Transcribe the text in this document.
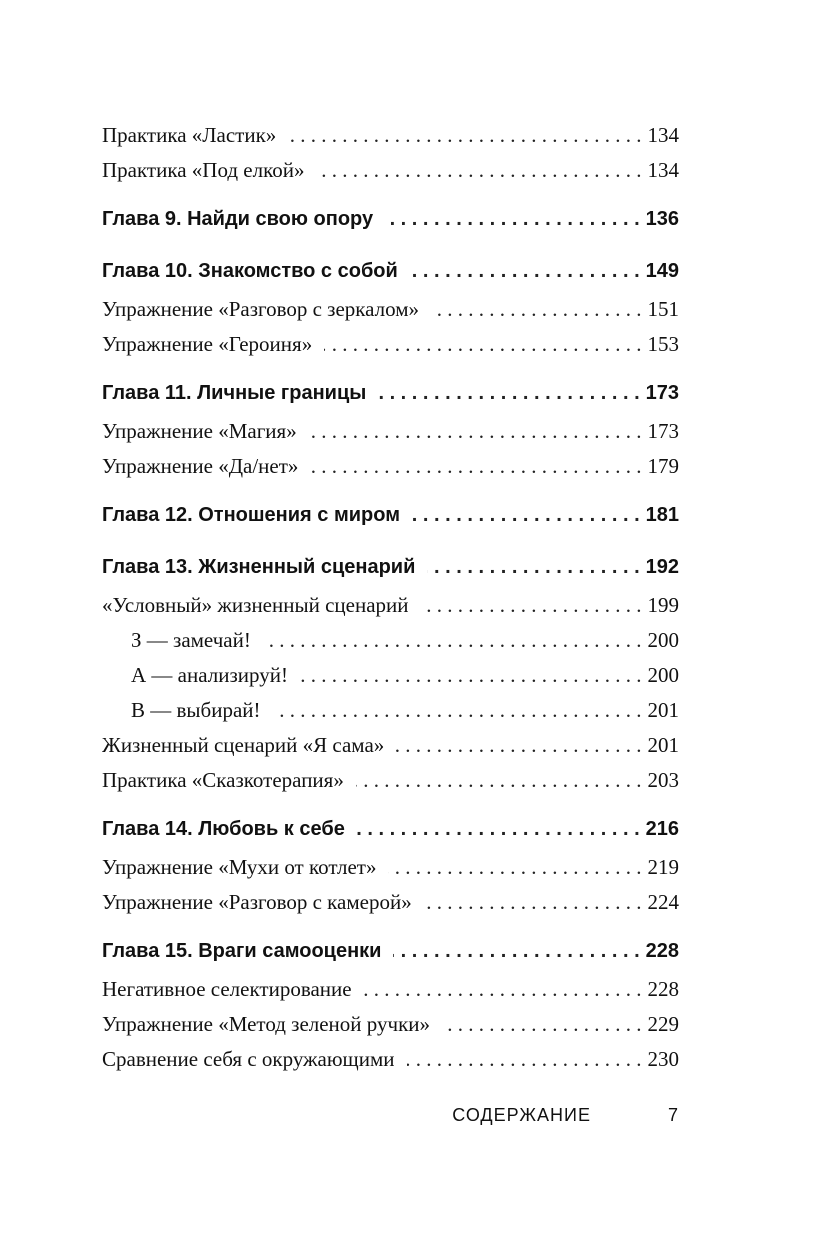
Практика «Ластик» . . .	134
Практика «Под елкой» . . .	134
Глава 9. Найди свою опору . . .	136
Глава 10. Знакомство с собой . . .	149
Упражнение «Разговор с зеркалом» . . .	151
Упражнение «Героиня» . . .	153
Глава 11. Личные границы . . .	173
Упражнение «Магия» . . .	173
Упражнение «Да/нет» . . .	179
Глава 12. Отношения с миром . . .	181
Глава 13. Жизненный сценарий . . .	192
«Условный» жизненный сценарий . . .	199
З — замечай! . . .	200
А — анализируй! . . .	200
В — выбирай! . . .	201
Жизненный сценарий «Я сама» . . .	201
Практика «Сказкотерапия» . . .	203
Глава 14. Любовь к себе . . .	216
Упражнение «Мухи от котлет» . . .	219
Упражнение «Разговор с камерой» . . .	224
Глава 15. Враги самооценки . . .	228
Негативное селектирование . . .	228
Упражнение «Метод зеленой ручки» . . .	229
Сравнение себя с окружающими . . .	230
СОДЕРЖАНИЕ	7
